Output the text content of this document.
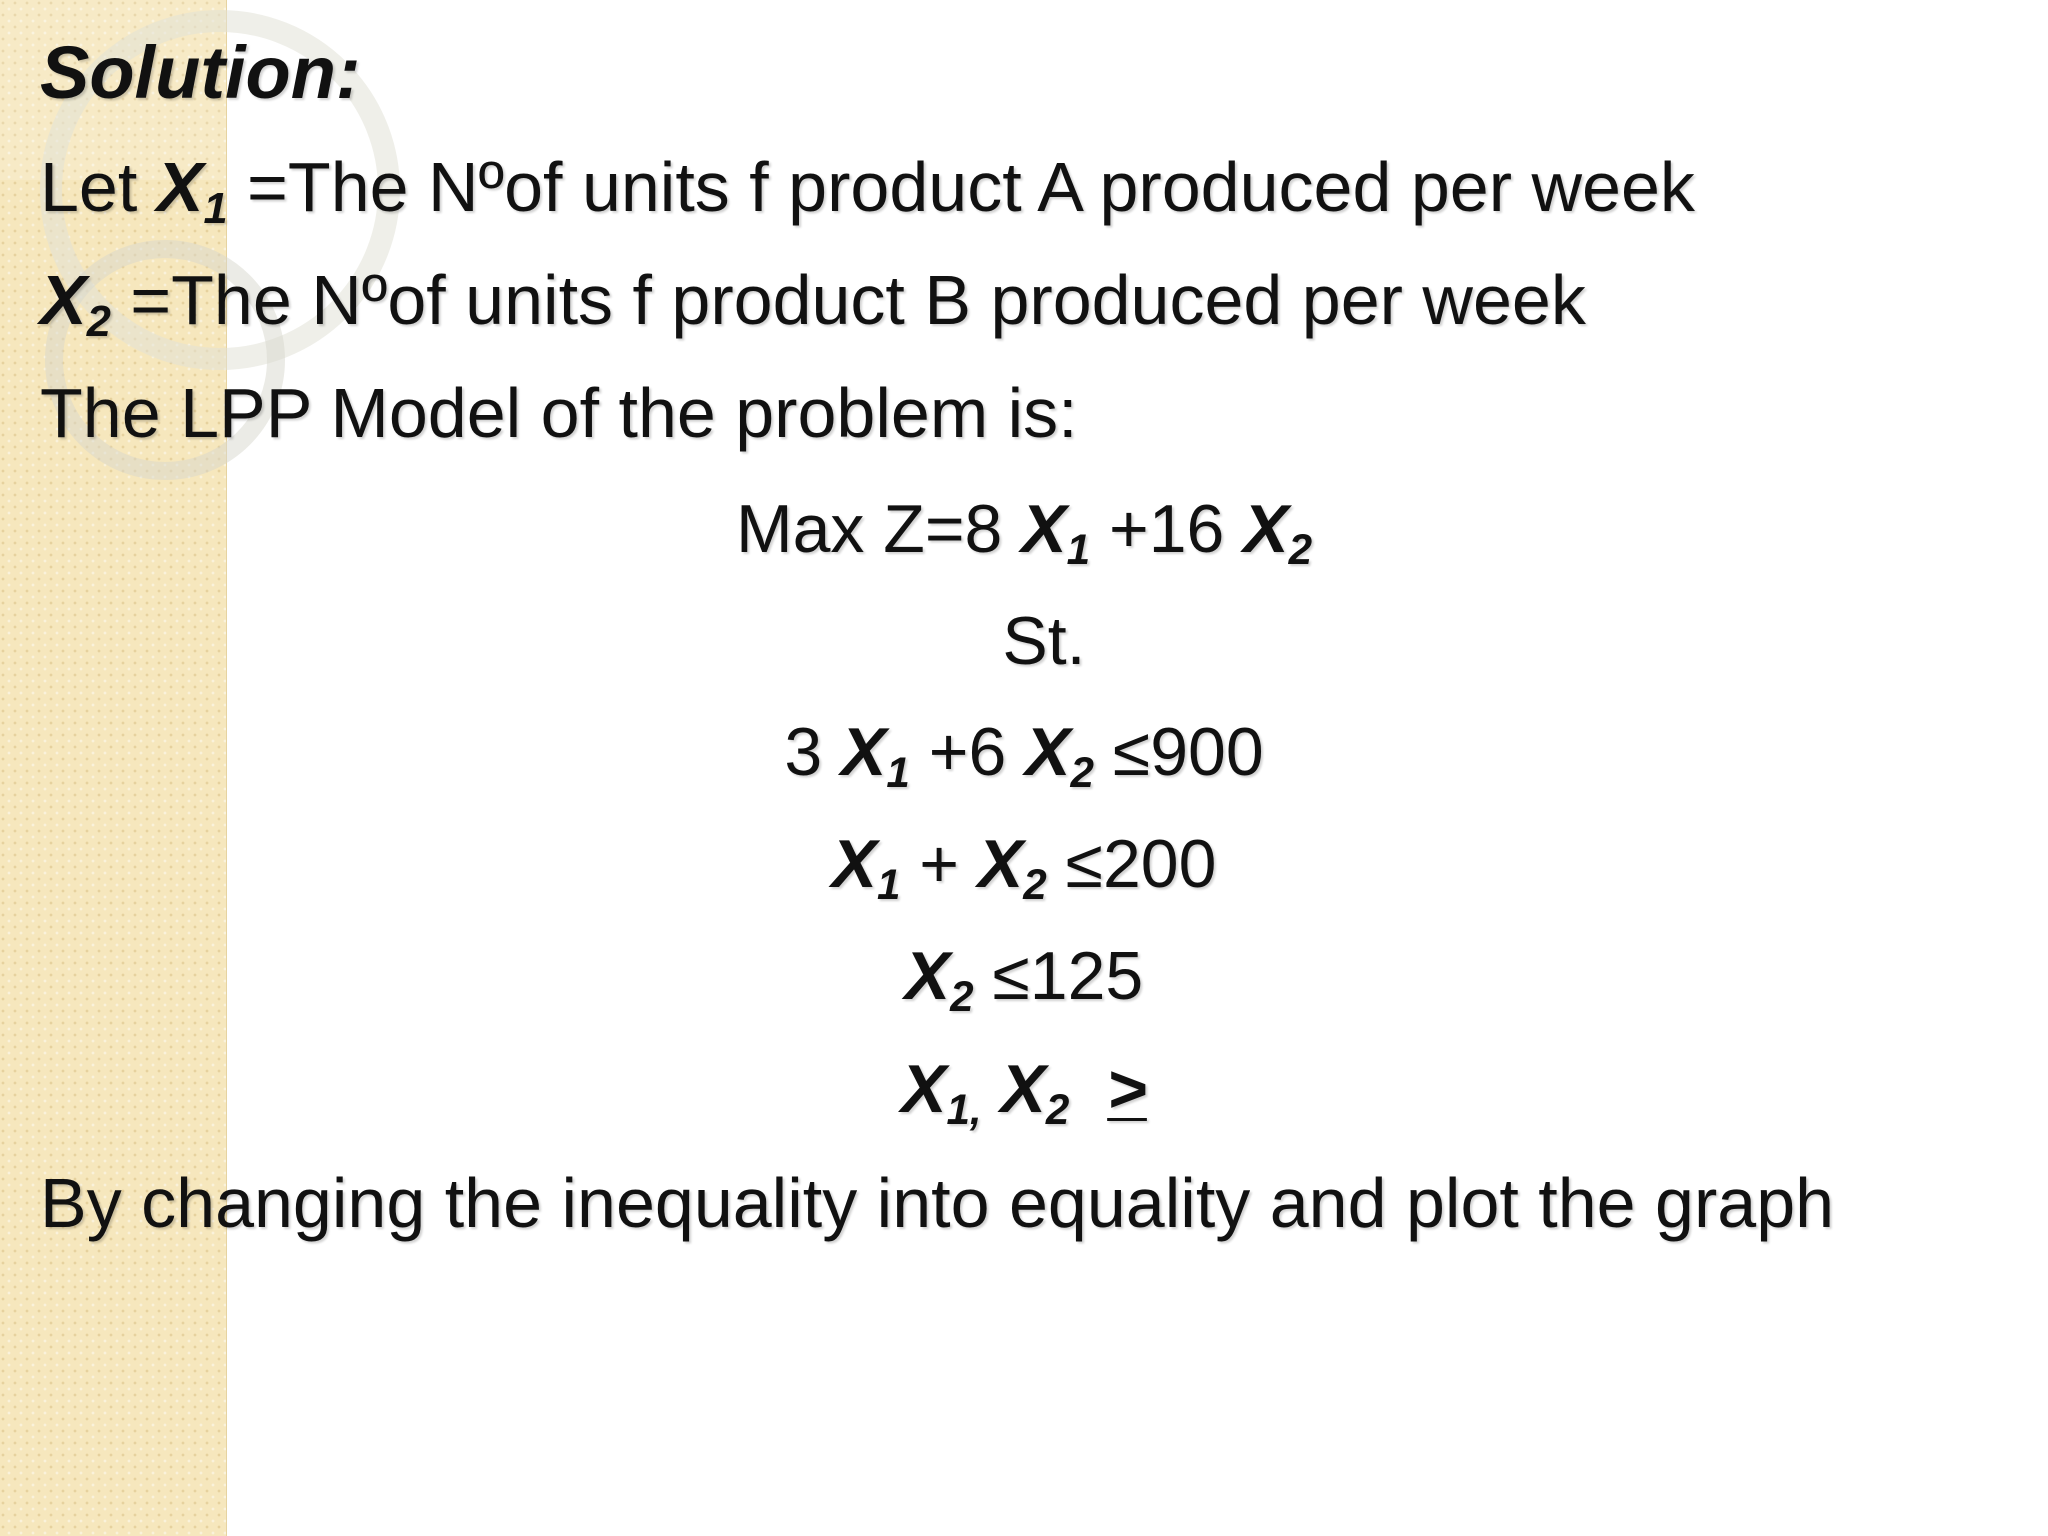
Solution:
Let $X_1 =The$ Nºof units f product A produced per week
$X_2 =The$ Nºof units f product B produced per week
The LPP Model of the problem is:
Max Z=8 $X_1 +16$ $X_2$
St.
3 $X_1 +6$ $X_2 \le 900$
$X_1 + X_2 \le 200$
$X_2 \le 125$
$X_{1,}$ $X_2$ >
By changing the inequality into equality and plot the graph
